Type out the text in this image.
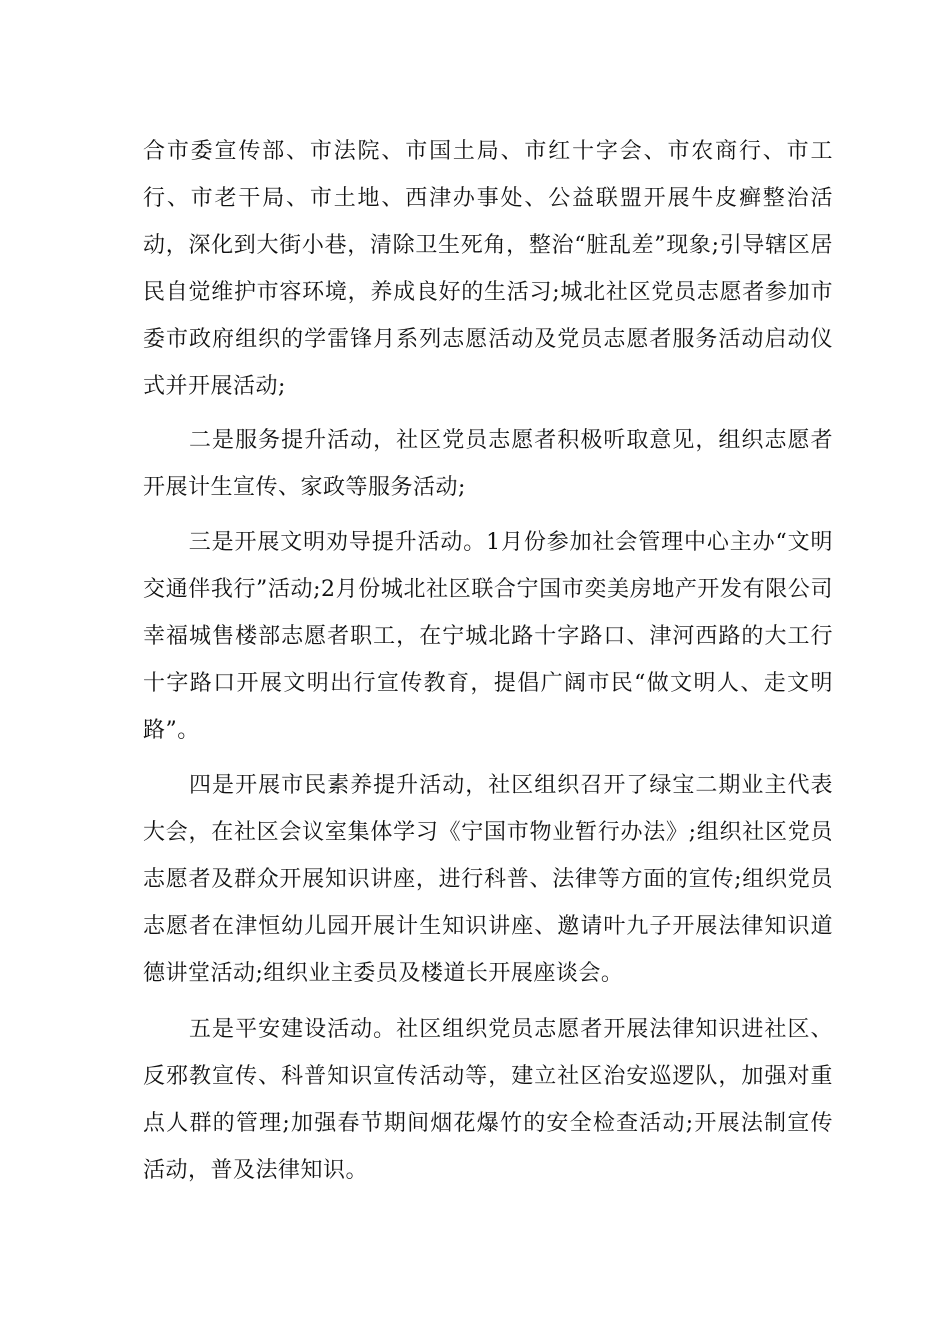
合市委宣传部、市法院、市国土局、市红十字会、市农商行、市工行、市老干局、市土地、西津办事处、公益联盟开展牛皮癣整治活动，深化到大街小巷，清除卫生死角，整治“脏乱差”现象;引导辖区居民自觉维护市容环境，养成良好的生活习;城北社区党员志愿者参加市委市政府组织的学雷锋月系列志愿活动及党员志愿者服务活动启动仪式并开展活动;

　　二是服务提升活动，社区党员志愿者积极听取意见，组织志愿者开展计生宣传、家政等服务活动;

　　三是开展文明劝导提升活动。1月份参加社会管理中心主办“文明交通伴我行”活动;2月份城北社区联合宁国市奕美房地产开发有限公司幸福城售楼部志愿者职工，在宁城北路十字路口、津河西路的大工行十字路口开展文明出行宣传教育，提倡广阔市民“做文明人、走文明路”。

　　四是开展市民素养提升活动，社区组织召开了绿宝二期业主代表大会，在社区会议室集体学习《宁国市物业暂行办法》;组织社区党员志愿者及群众开展知识讲座，进行科普、法律等方面的宣传;组织党员志愿者在津恒幼儿园开展计生知识讲座、邀请叶九子开展法律知识道德讲堂活动;组织业主委员及楼道长开展座谈会。

　　五是平安建设活动。社区组织党员志愿者开展法律知识进社区、反邪教宣传、科普知识宣传活动等，建立社区治安巡逻队，加强对重点人群的管理;加强春节期间烟花爆竹的安全检查活动;开展法制宣传活动，普及法律知识。
